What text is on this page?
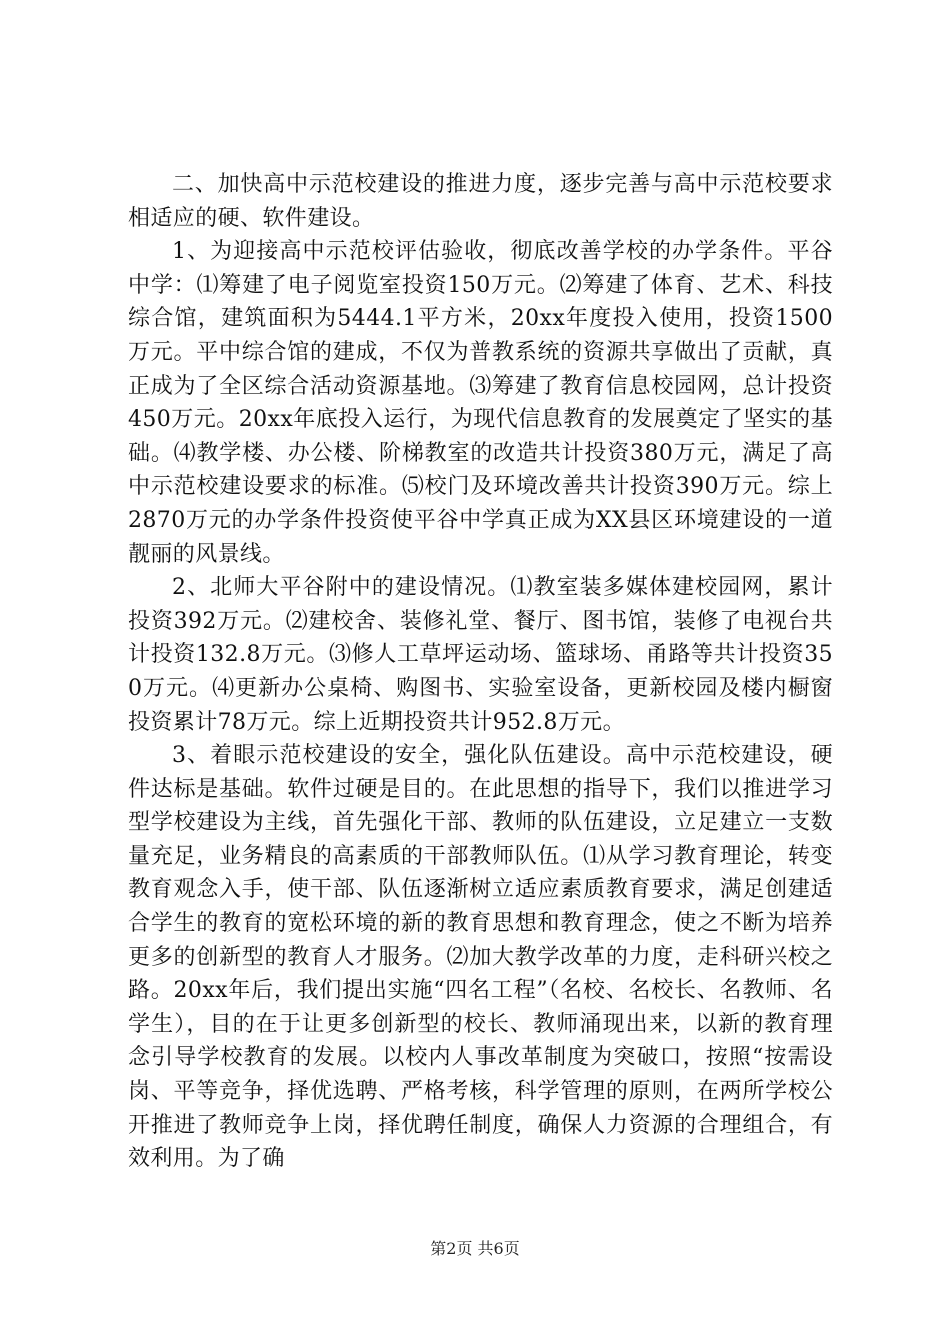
二、加快高中示范校建设的推进力度，逐步完善与高中示范校要求相适应的硬、软件建设。

1、为迎接高中示范校评估验收，彻底改善学校的办学条件。平谷中学：⑴筹建了电子阅览室投资150万元。⑵筹建了体育、艺术、科技综合馆，建筑面积为5444.1平方米，20xx年度投入使用，投资1500万元。平中综合馆的建成，不仅为普教系统的资源共享做出了贡献，真正成为了全区综合活动资源基地。⑶筹建了教育信息校园网，总计投资450万元。20xx年底投入运行，为现代信息教育的发展奠定了坚实的基础。⑷教学楼、办公楼、阶梯教室的改造共计投资380万元，满足了高中示范校建设要求的标准。⑸校门及环境改善共计投资390万元。综上2870万元的办学条件投资使平谷中学真正成为XX县区环境建设的一道靓丽的风景线。

2、北师大平谷附中的建设情况。⑴教室装多媒体建校园网，累计投资392万元。⑵建校舍、装修礼堂、餐厅、图书馆，装修了电视台共计投资132.8万元。⑶修人工草坪运动场、篮球场、甬路等共计投资350万元。⑷更新办公桌椅、购图书、实验室设备，更新校园及楼内橱窗投资累计78万元。综上近期投资共计952.8万元。

3、着眼示范校建设的安全，强化队伍建设。高中示范校建设，硬件达标是基础。软件过硬是目的。在此思想的指导下，我们以推进学习型学校建设为主线，首先强化干部、教师的队伍建设，立足建立一支数量充足，业务精良的高素质的干部教师队伍。⑴从学习教育理论，转变教育观念入手，使干部、队伍逐渐树立适应素质教育要求，满足创建适合学生的教育的宽松环境的新的教育思想和教育理念，使之不断为培养更多的创新型的教育人才服务。⑵加大教学改革的力度，走科研兴校之路。20xx年后，我们提出实施“四名工程”（名校、名校长、名教师、名学生），目的在于让更多创新型的校长、教师涌现出来，以新的教育理念引导学校教育的发展。以校内人事改革制度为突破口，按照“按需设岗、平等竞争，择优选聘、严格考核，科学管理的原则，在两所学校公开推进了教师竞争上岗，择优聘任制度，确保人力资源的合理组合，有效利用。为了确

第2页 共6页
